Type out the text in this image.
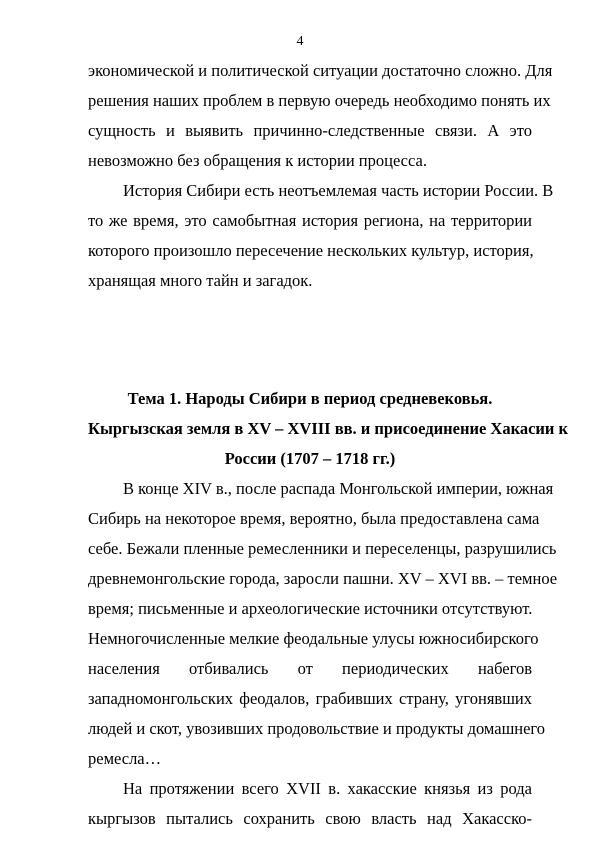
4
экономической и политической ситуации достаточно сложно. Для
решения наших проблем в первую очередь необходимо понять их
сущность и выявить причинно-следственные связи. А это
невозможно без обращения к истории процесса.
История Сибири есть неотъемлемая часть истории России. В
то же время, это самобытная история региона, на территории
которого произошло пересечение нескольких культур, история,
хранящая много тайн и загадок.
Тема 1. Народы Сибири в период средневековья.
Кыргызская земля в XV – XVIII вв. и присоединение Хакасии к
России (1707 – 1718 гг.)
В конце XIV в., после распада Монгольской империи, южная
Сибирь на некоторое время, вероятно, была предоставлена сама
себе. Бежали пленные ремесленники и переселенцы, разрушились
древнемонгольские города, заросли пашни. XV – XVI вв. – темное
время; письменные и археологические источники отсутствуют.
Немногочисленные мелкие феодальные улусы южносибирского
населения отбивались от периодических набегов
западномонгольских феодалов, грабивших страну, угонявших
людей и скот, увозивших продовольствие и продукты домашнего
ремесла…
На протяжении всего XVII в. хакасские князья из рода
кыргызов пытались сохранить свою власть над Хакасско-
